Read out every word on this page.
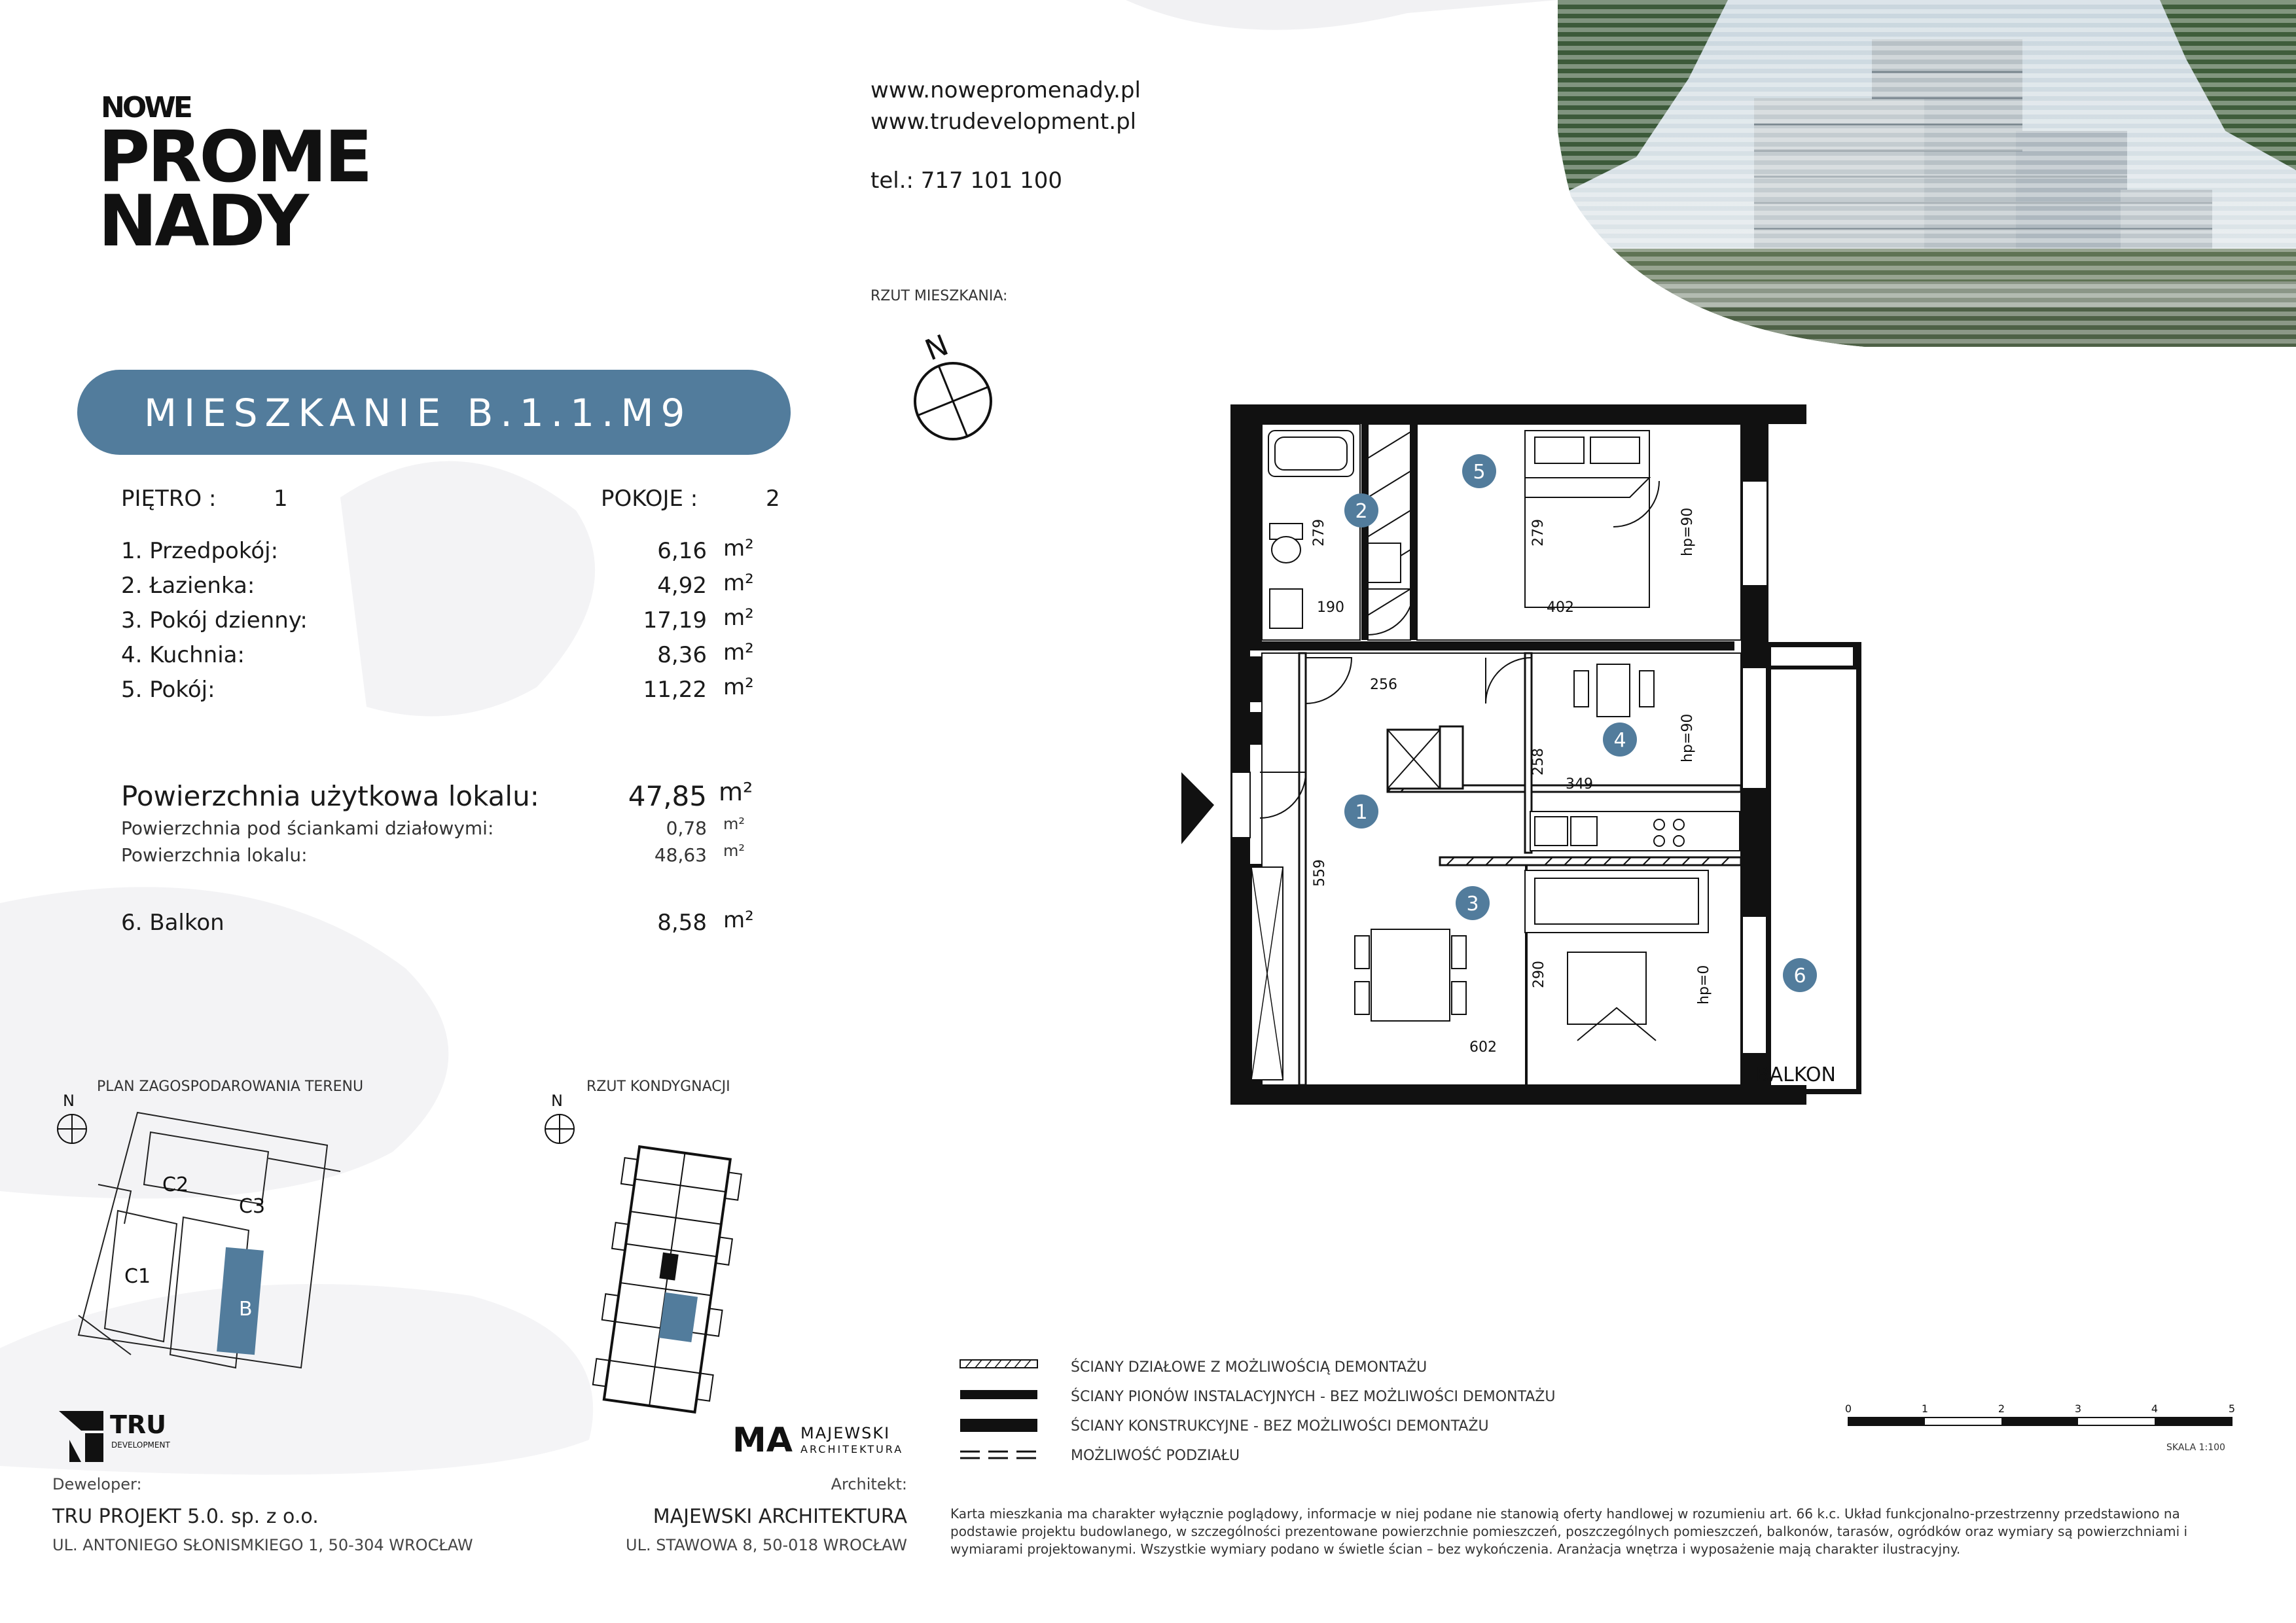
NOWE
PROME
NADY
www.nowepromenady.pl
www.trudevelopment.pl
tel.: 717 101 100
RZUT MIESZKANIA:
N
MIESZKANIE B.1.1.M9
PIĘTRO :	1	POKOJE :	2
1. Przedpokój:	6,16 m²
2. Łazienka:	4,92 m²
3. Pokój dzienny:	17,19 m²
4. Kuchnia:	8,36 m²
5. Pokój:	11,22 m²
Powierzchnia użytkowa lokalu:	47,85 m²
Powierzchnia pod ściankami działowymi:	0,78 m²
Powierzchnia lokalu:	48,63 m²
6. Balkon	8,58 m²
1
2
3
4
5
6
279
190
279
402
256
258
349
559
290
602
hp=90
hp=90
hp=0
BALKON
PLAN ZAGOSPODAROWANIA TERENU
N
C2
C3
C1
B
RZUT KONDYGNACJI
N
ŚCIANY DZIAŁOWE Z MOŻLIWOŚCIĄ DEMONTAŻU
ŚCIANY PIONÓW INSTALACYJNYCH - BEZ MOŻLIWOŚCI DEMONTAŻU
ŚCIANY KONSTRUKCYJNE - BEZ MOŻLIWOŚCI DEMONTAŻU
MOŻLIWOŚĆ PODZIAŁU
0	1	2	3	4	5
SKALA 1:100
TRU
DEVELOPMENT	MA MAJEWSKI
ARCHITEKTURA
Deweloper:
TRU PROJEKT 5.0. sp. z o.o.
UL. ANTONIEGO SŁONISMKIEGO 1, 50-304 WROCŁAW
Architekt:
MAJEWSKI ARCHITEKTURA
UL. STAWOWA 8, 50-018 WROCŁAW
Karta mieszkania ma charakter wyłącznie poglądowy, informacje w niej podane nie stanowią oferty handlowej w rozumieniu art. 66 k.c. Układ funkcjonalno-przestrzenny przedstawiono na podstawie projektu budowlanego, w szczególności prezentowane powierzchnie pomieszczeń, poszczególnych pomieszczeń, balkonów, tarasów, ogródków oraz wymiary są powierzchniami i wymiarami projektowanymi. Wszystkie wymiary podano w świetle ścian – bez wykończenia. Aranżacja wnętrza i wyposażenie mają charakter ilustracyjny.
